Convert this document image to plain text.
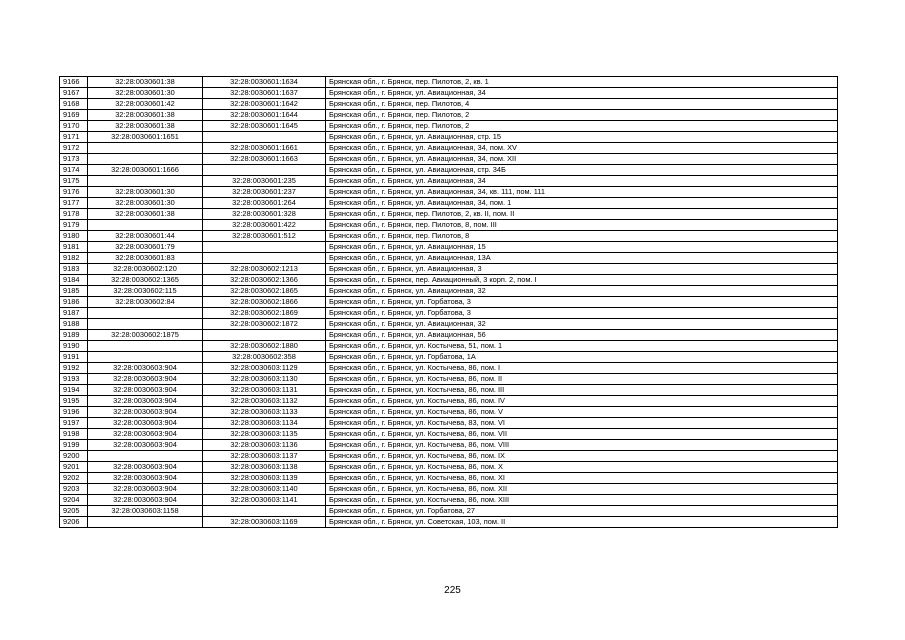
9166	32:28:0030601:38	32:28:0030601:1634	Брянская обл., г. Брянск, пер. Пилотов, 2, кв. 1
9167	32:28:0030601:30	32:28:0030601:1637	Брянская обл., г. Брянск, ул. Авиационная, 34
9168	32:28:0030601:42	32:28:0030601:1642	Брянская обл., г. Брянск, пер. Пилотов, 4
9169	32:28:0030601:38	32:28:0030601:1644	Брянская обл., г. Брянск, пер. Пилотов, 2
9170	32:28:0030601:38	32:28:0030601:1645	Брянская обл., г. Брянск, пер. Пилотов, 2
9171	32:28:0030601:1651		Брянская обл., г. Брянск, ул. Авиационная, стр. 15
9172		32:28:0030601:1661	Брянская обл., г. Брянск, ул. Авиационная, 34, пом. XV
9173		32:28:0030601:1663	Брянская обл., г. Брянск, ул. Авиационная, 34, пом. XII
9174	32:28:0030601:1666		Брянская обл., г. Брянск, ул. Авиационная, стр. 34Б
9175		32:28:0030601:235	Брянская обл., г. Брянск, ул. Авиационная, 34
9176	32:28:0030601:30	32:28:0030601:237	Брянская обл., г. Брянск, ул. Авиационная, 34, кв. 111, пом. 111
9177	32:28:0030601:30	32:28:0030601:264	Брянская обл., г. Брянск, ул. Авиационная, 34, пом. 1
9178	32:28:0030601:38	32:28:0030601:328	Брянская обл., г. Брянск, пер. Пилотов, 2, кв. II, пом. II
9179		32:28:0030601:422	Брянская обл., г. Брянск, пер. Пилотов, 8, пом. III
9180	32:28:0030601:44	32:28:0030601:512	Брянская обл., г. Брянск, пер. Пилотов, 8
9181	32:28:0030601:79		Брянская обл., г. Брянск, ул. Авиационная, 15
9182	32:28:0030601:83		Брянская обл., г. Брянск, ул. Авиационная, 13А
9183	32:28:0030602:120	32:28:0030602:1213	Брянская обл., г. Брянск, ул. Авиационная, 3
9184	32:28:0030602:1365	32:28:0030602:1366	Брянская обл., г. Брянск, пер. Авиационный, 3 корп. 2, пом. I
9185	32:28:0030602:115	32:28:0030602:1865	Брянская обл., г. Брянск, ул. Авиационная, 32
9186	32:28:0030602:84	32:28:0030602:1866	Брянская обл., г. Брянск, ул. Горбатова, 3
9187		32:28:0030602:1869	Брянская обл., г. Брянск, ул. Горбатова, 3
9188		32:28:0030602:1872	Брянская обл., г. Брянск, ул. Авиационная, 32
9189	32:28:0030602:1875		Брянская обл., г. Брянск, ул. Авиационная, 56
9190		32:28:0030602:1880	Брянская обл., г. Брянск, ул. Костычева, 51, пом. 1
9191		32:28:0030602:358	Брянская обл., г. Брянск, ул. Горбатова, 1А
9192	32:28:0030603:904	32:28:0030603:1129	Брянская обл., г. Брянск, ул. Костычева, 86, пом. I
9193	32:28:0030603:904	32:28:0030603:1130	Брянская обл., г. Брянск, ул. Костычева, 86, пом. II
9194	32:28:0030603:904	32:28:0030603:1131	Брянская обл., г. Брянск, ул. Костычева, 86, пом. III
9195	32:28:0030603:904	32:28:0030603:1132	Брянская обл., г. Брянск, ул. Костычева, 86, пом. IV
9196	32:28:0030603:904	32:28:0030603:1133	Брянская обл., г. Брянск, ул. Костычева, 86, пом. V
9197	32:28:0030603:904	32:28:0030603:1134	Брянская обл., г. Брянск, ул. Костычева, 83, пом. VI
9198	32:28:0030603:904	32:28:0030603:1135	Брянская обл., г. Брянск, ул. Костычева, 86, пом. VII
9199	32:28:0030603:904	32:28:0030603:1136	Брянская обл., г. Брянск, ул. Костычева, 86, пом. VIII
9200		32:28:0030603:1137	Брянская обл., г. Брянск, ул. Костычева, 86, пом. IX
9201	32:28:0030603:904	32:28:0030603:1138	Брянская обл., г. Брянск, ул. Костычева, 86, пом. X
9202	32:28:0030603:904	32:28:0030603:1139	Брянская обл., г. Брянск, ул. Костычева, 86, пом. XI
9203	32:28:0030603:904	32:28:0030603:1140	Брянская обл., г. Брянск, ул. Костычева, 86, пом. XII
9204	32:28:0030603:904	32:28:0030603:1141	Брянская обл., г. Брянск, ул. Костычева, 86, пом. XIII
9205	32:28:0030603:1158		Брянская обл., г. Брянск, ул. Горбатова, 27
9206		32:28:0030603:1169	Брянская обл., г. Брянск, ул. Советская, 103, пом. II
225
